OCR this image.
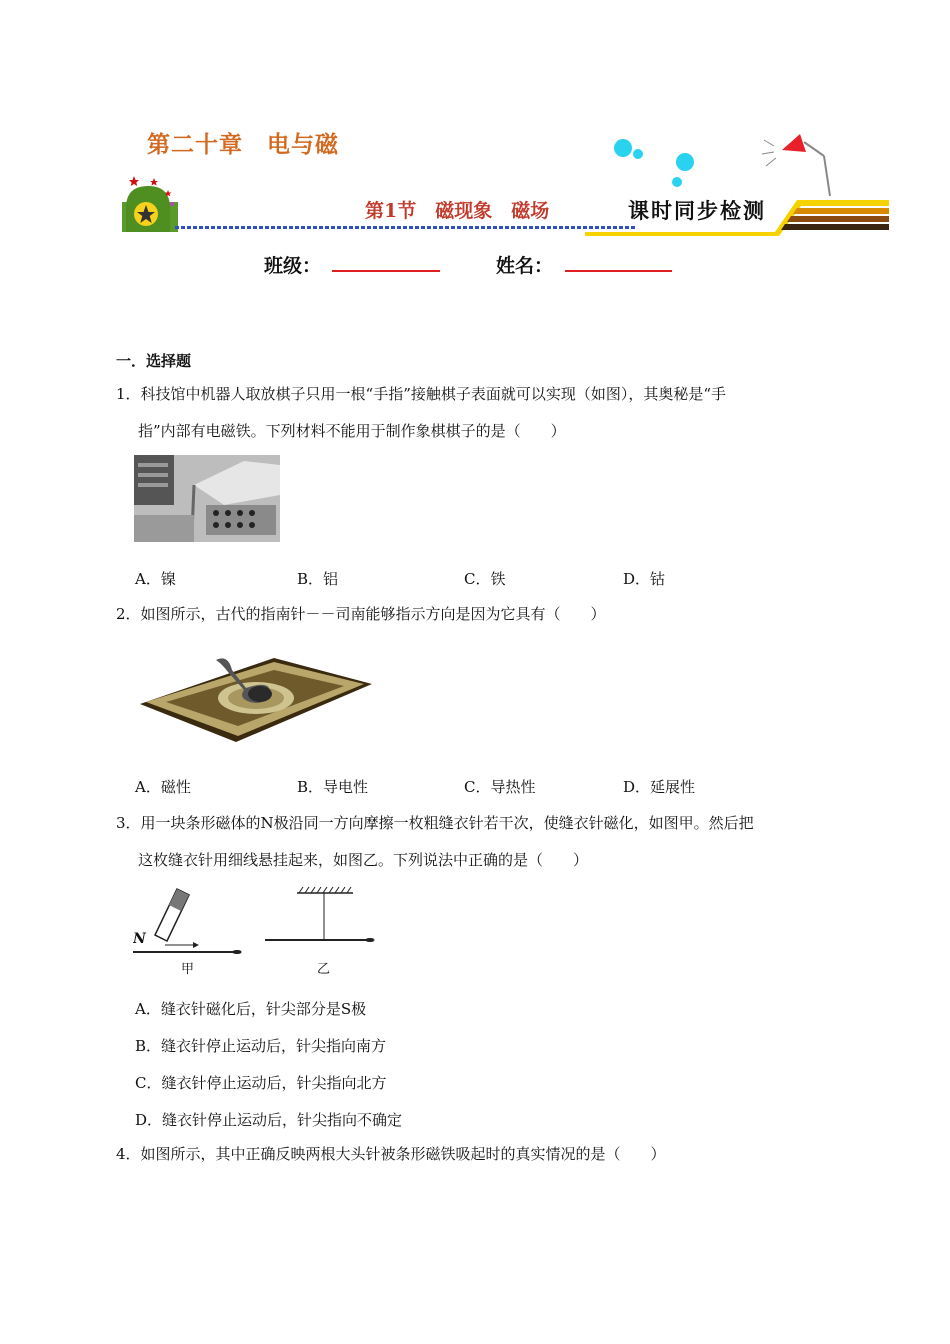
第二十章　电与磁
第1节　磁现象　磁场	课时同步检测
班级：	姓名：
一．选择题
1．科技馆中机器人取放棋子只用一根“手指”接触棋子表面就可以实现（如图），其奥秘是“手
指”内部有电磁铁。下列材料不能用于制作象棋棋子的是（　　）
A．镍	B．铝	C．铁	D．钴
2．如图所示，古代的指南针－－司南能够指示方向是因为它具有（　　）
A．磁性	B．导电性	C．导热性	D．延展性
3．用一块条形磁体的N极沿同一方向摩擦一枚粗缝衣针若干次，使缝衣针磁化，如图甲。然后把
这枚缝衣针用细线悬挂起来，如图乙。下列说法中正确的是（　　）
N
甲	乙
A．缝衣针磁化后，针尖部分是S极
B．缝衣针停止运动后，针尖指向南方
C．缝衣针停止运动后，针尖指向北方
D．缝衣针停止运动后，针尖指向不确定
4．如图所示，其中正确反映两根大头针被条形磁铁吸起时的真实情况的是（　　）
